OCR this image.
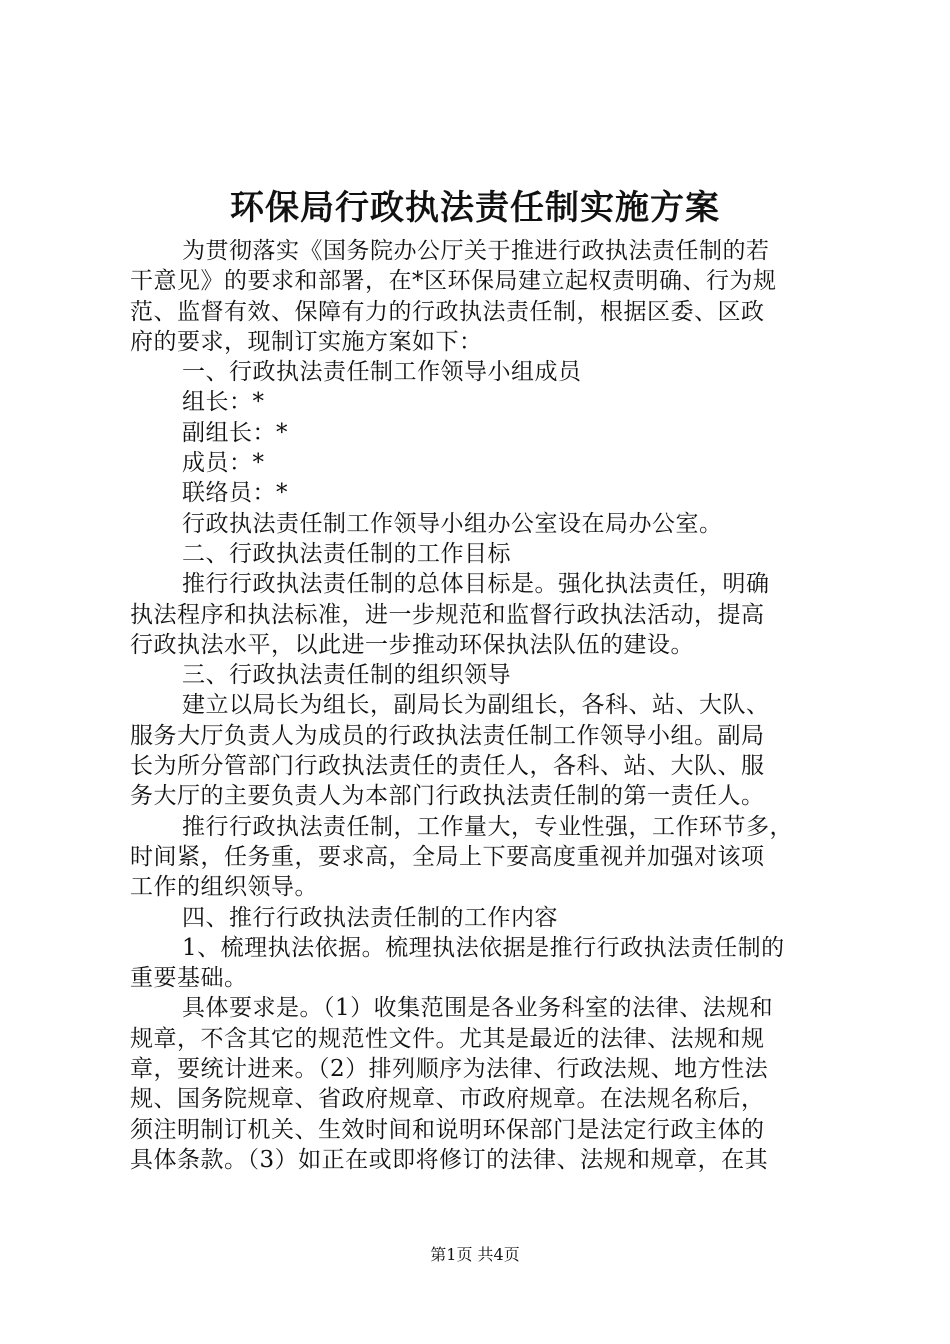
环保局行政执法责任制实施方案
为贯彻落实《国务院办公厅关于推进行政执法责任制的若
干意见》的要求和部署，在*区环保局建立起权责明确、行为规
范、监督有效、保障有力的行政执法责任制，根据区委、区政
府的要求，现制订实施方案如下：
一、行政执法责任制工作领导小组成员
组长：*
副组长：*
成员：*
联络员：*
行政执法责任制工作领导小组办公室设在局办公室。
二、行政执法责任制的工作目标
推行行政执法责任制的总体目标是。强化执法责任，明确
执法程序和执法标准，进一步规范和监督行政执法活动，提高
行政执法水平，以此进一步推动环保执法队伍的建设。
三、行政执法责任制的组织领导
建立以局长为组长，副局长为副组长，各科、站、大队、
服务大厅负责人为成员的行政执法责任制工作领导小组。副局
长为所分管部门行政执法责任的责任人，各科、站、大队、服
务大厅的主要负责人为本部门行政执法责任制的第一责任人。
推行行政执法责任制，工作量大，专业性强，工作环节多，
时间紧，任务重，要求高，全局上下要高度重视并加强对该项
工作的组织领导。
四、推行行政执法责任制的工作内容
1、梳理执法依据。梳理执法依据是推行行政执法责任制的
重要基础。
具体要求是。（1）收集范围是各业务科室的法律、法规和
规章，不含其它的规范性文件。尤其是最近的法律、法规和规
章，要统计进来。（2）排列顺序为法律、行政法规、地方性法
规、国务院规章、省政府规章、市政府规章。在法规名称后，
须注明制订机关、生效时间和说明环保部门是法定行政主体的
具体条款。（3）如正在或即将修订的法律、法规和规章，在其
第1页 共4页
